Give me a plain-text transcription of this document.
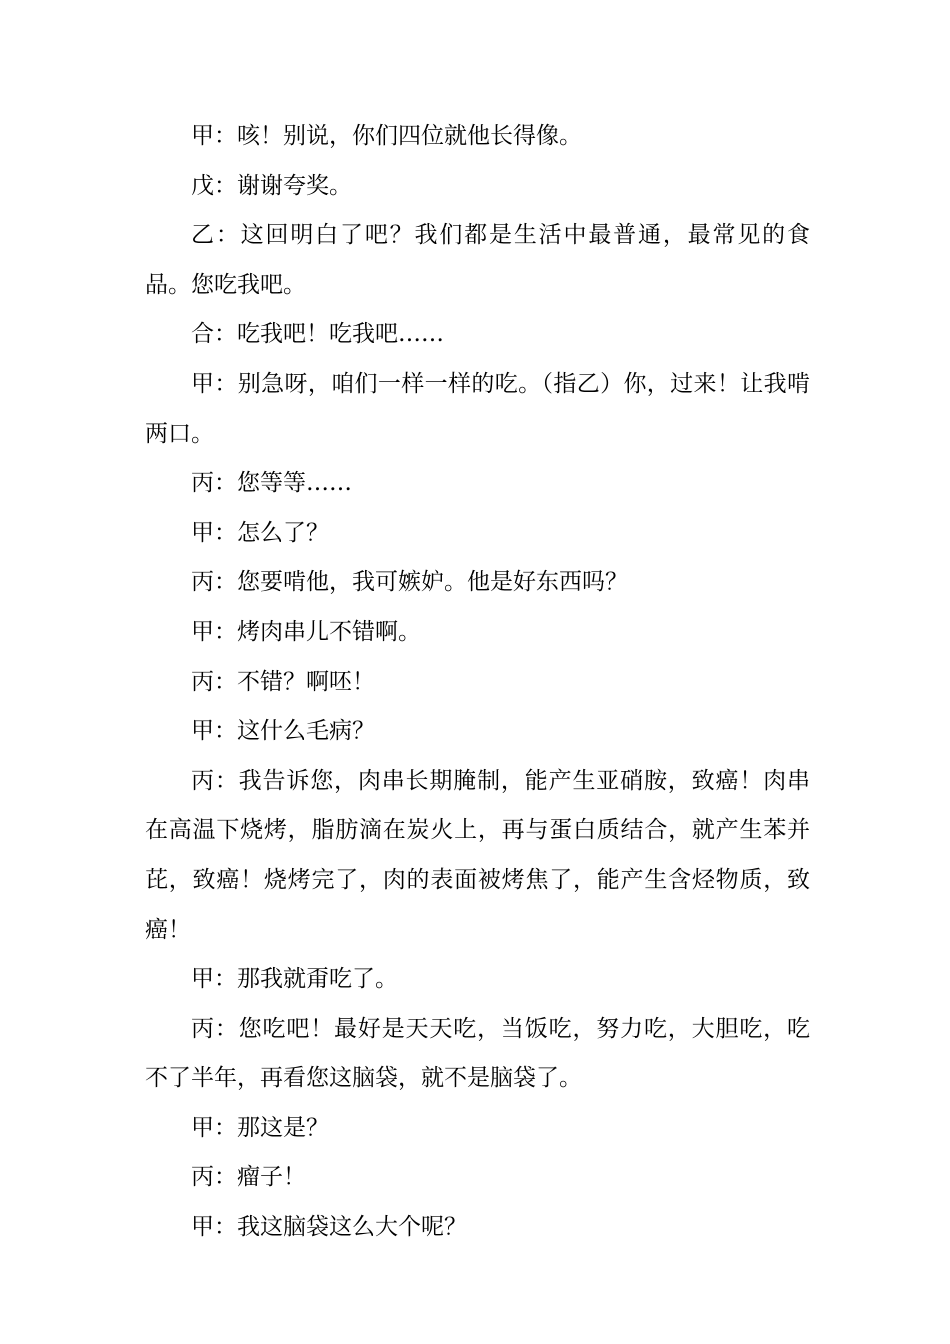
甲：咳！别说，你们四位就他长得像。

戊：谢谢夸奖。

乙：这回明白了吧？我们都是生活中最普通，最常见的食品。您吃我吧。

合：吃我吧！吃我吧……

甲：别急呀，咱们一样一样的吃。（指乙）你，过来！让我啃两口。

丙：您等等……

甲：怎么了？

丙：您要啃他，我可嫉妒。他是好东西吗？

甲：烤肉串儿不错啊。

丙：不错？啊呸！

甲：这什么毛病？

丙：我告诉您，肉串长期腌制，能产生亚硝胺，致癌！肉串在高温下烧烤，脂肪滴在炭火上，再与蛋白质结合，就产生苯并芘，致癌！烧烤完了，肉的表面被烤焦了，能产生含烃物质，致癌！

甲：那我就甭吃了。

丙：您吃吧！最好是天天吃，当饭吃，努力吃，大胆吃，吃不了半年，再看您这脑袋，就不是脑袋了。

甲：那这是？

丙：瘤子！

甲：我这脑袋这么大个呢？
